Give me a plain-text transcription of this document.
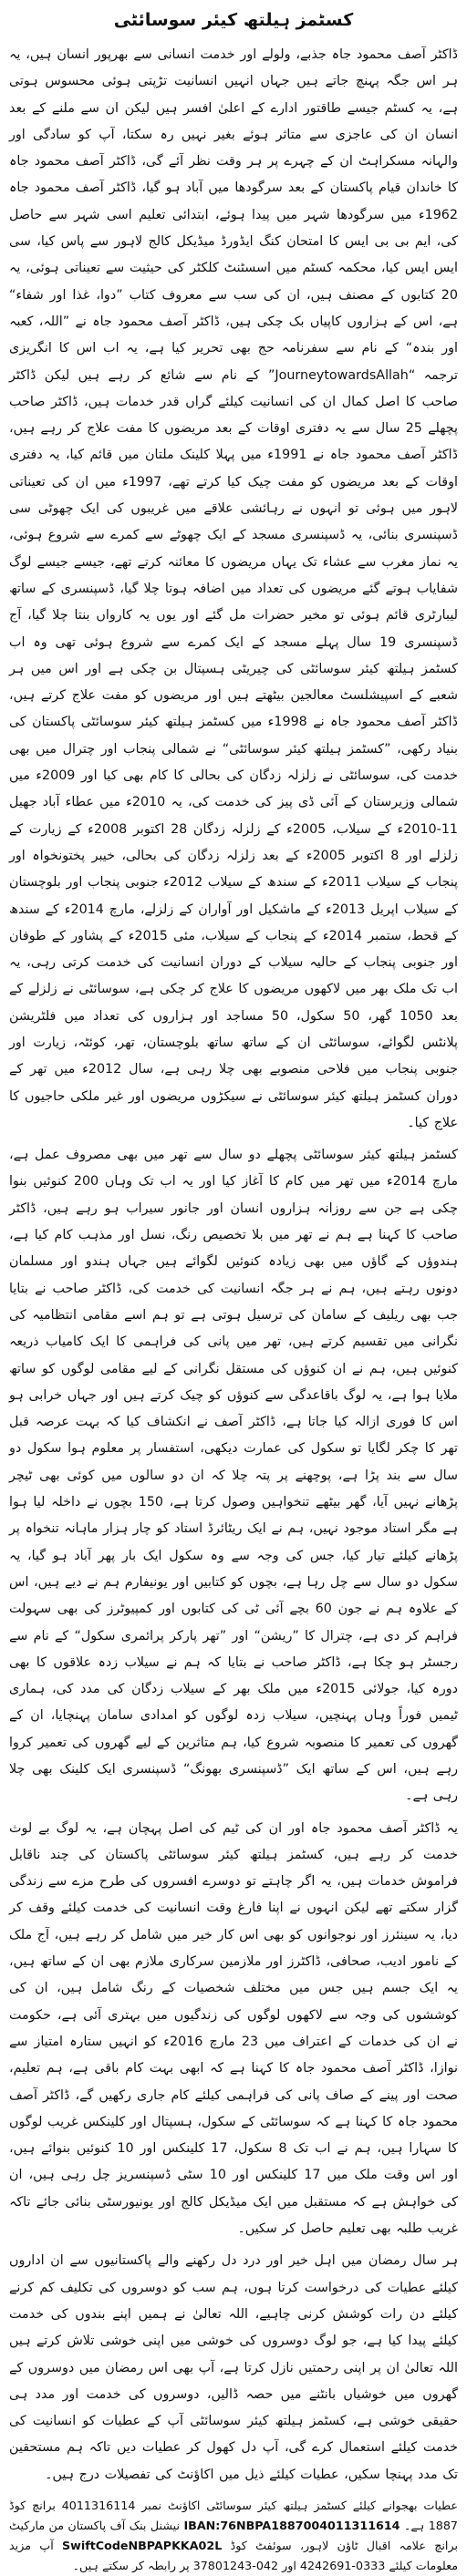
کسٹمز ہیلتھ کیئر سوسائٹی

ڈاکٹر آصف محمود جاہ جذبے، ولولے اور خدمت انسانی سے بھرپور انسان ہیں، یہ ہر اس جگہ پہنچ جاتے ہیں جہاں انہیں انسانیت تڑپتی ہوئی محسوس ہوتی ہے، یہ کسٹم جیسے طاقتور ادارے کے اعلیٰ افسر ہیں لیکن ان سے ملنے کے بعد انسان ان کی عاجزی سے متاثر ہوئے بغیر نہیں رہ سکتا، آپ کو سادگی اور والہانہ مسکراہٹ ان کے چہرے پر ہر وقت نظر آئے گی، ڈاکٹر آصف محمود جاہ کا خاندان قیام پاکستان کے بعد سرگودھا میں آباد ہو گیا، ڈاکٹر آصف محمود جاہ 1962ء میں سرگودھا شہر میں پیدا ہوئے، ابتدائی تعلیم اسی شہر سے حاصل کی، ایم بی بی ایس کا امتحان کنگ ایڈورڈ میڈیکل کالج لاہور سے پاس کیا، سی ایس ایس کیا، محکمہ کسٹم میں اسسٹنٹ کلکٹر کی حیثیت سے تعیناتی ہوئی، یہ 20 کتابوں کے مصنف ہیں، ان کی سب سے معروف کتاب ”دوا، غذا اور شفاء“ ہے، اس کے ہزاروں کاپیاں بک چکی ہیں، ڈاکٹر آصف محمود جاہ نے ”اللہ، کعبہ اور بندہ“ کے نام سے سفرنامہ حج بھی تحریر کیا ہے، یہ اب اس کا انگریزی ترجمہ “JourneytowardsAllah” کے نام سے شائع کر رہے ہیں لیکن ڈاکٹر صاحب کا اصل کمال ان کی انسانیت کیلئے گراں قدر خدمات ہیں، ڈاکٹر صاحب پچھلے 25 سال سے یہ دفتری اوقات کے بعد مریضوں کا مفت علاج کر رہے ہیں، ڈاکٹر آصف محمود جاہ نے 1991ء میں پہلا کلینک ملتان میں قائم کیا، یہ دفتری اوقات کے بعد مریضوں کو مفت چیک کیا کرتے تھے، 1997ء میں ان کی تعیناتی لاہور میں ہوئی تو انہوں نے رہائشی علاقے میں غریبوں کی ایک چھوٹی سی ڈسپنسری بنائی، یہ ڈسپنسری مسجد کے ایک چھوٹے سے کمرے سے شروع ہوئی، یہ نماز مغرب سے عشاء تک یہاں مریضوں کا معائنہ کرتے تھے، جیسے جیسے لوگ شفایاب ہوتے گئے مریضوں کی تعداد میں اضافہ ہوتا چلا گیا، ڈسپنسری کے ساتھ لیبارٹری قائم ہوئی تو مخیر حضرات مل گئے اور یوں یہ کارواں بنتا چلا گیا، آج ڈسپنسری 19 سال پہلے مسجد کے ایک کمرے سے شروع ہوئی تھی وہ اب کسٹمز ہیلتھ کیئر سوسائٹی کی چیریٹی ہسپتال بن چکی ہے اور اس میں ہر شعبے کے اسپیشلسٹ معالجین بیٹھتے ہیں اور مریضوں کو مفت علاج کرتے ہیں، ڈاکٹر آصف محمود جاہ نے 1998ء میں کسٹمز ہیلتھ کیئر سوسائٹی پاکستان کی بنیاد رکھی، ”کسٹمز ہیلتھ کیئر سوسائٹی“ نے شمالی پنجاب اور چترال میں بھی خدمت کی، سوسائٹی نے زلزلہ زدگان کی بحالی کا کام بھی کیا اور 2009ء میں شمالی وزیرستان کے آئی ڈی پیز کی خدمت کی، یہ 2010ء میں عطاء آباد جھیل 11-2010ء کے سیلاب، 2005ء کے زلزلہ زدگان 28 اکتوبر 2008ء کے زیارت کے زلزلے اور 8 اکتوبر 2005ء کے بعد زلزلہ زدگان کی بحالی، خیبر پختونخواہ اور پنجاب کے سیلاب 2011ء کے سندھ کے سیلاب 2012ء جنوبی پنجاب اور بلوچستان کے سیلاب اپریل 2013ء کے ماشکیل اور آواران کے زلزلے، مارچ 2014ء کے سندھ کے قحط، ستمبر 2014ء کے پنجاب کے سیلاب، مئی 2015ء کے پشاور کے طوفان اور جنوبی پنجاب کے حالیہ سیلاب کے دوران انسانیت کی خدمت کرتی رہی، یہ اب تک ملک بھر میں لاکھوں مریضوں کا علاج کر چکی ہے، سوسائٹی نے زلزلے کے بعد 1050 گھر، 50 سکول، 50 مساجد اور ہزاروں کی تعداد میں فلٹریشن پلانٹس لگوائے، سوسائٹی ان کے ساتھ ساتھ بلوچستان، تھر، کوئٹہ، زیارت اور جنوبی پنجاب میں فلاحی منصوبے بھی چلا رہی ہے، سال 2012ء میں تھر کے دوران کسٹمز ہیلتھ کیئر سوسائٹی نے سیکڑوں مریضوں اور غیر ملکی حاجیوں کا علاج کیا۔

کسٹمز ہیلتھ کیئر سوسائٹی پچھلے دو سال سے تھر میں بھی مصروف عمل ہے، مارچ 2014ء میں تھر میں کام کا آغاز کیا اور یہ اب تک وہاں 200 کنوئیں بنوا چکی ہے جن سے روزانہ ہزاروں انسان اور جانور سیراب ہو رہے ہیں، ڈاکٹر صاحب کا کہنا ہے ہم نے تھر میں بلا تخصیص رنگ، نسل اور مذہب کام کیا ہے، ہندوؤں کے گاؤں میں بھی زیادہ کنوئیں لگوائے ہیں جہاں ہندو اور مسلمان دونوں رہتے ہیں، ہم نے ہر جگہ انسانیت کی خدمت کی، ڈاکٹر صاحب نے بتایا جب بھی ریلیف کے سامان کی ترسیل ہوتی ہے تو ہم اسے مقامی انتظامیہ کی نگرانی میں تقسیم کرتے ہیں، تھر میں پانی کی فراہمی کا ایک کامیاب ذریعہ کنوئیں ہیں، ہم نے ان کنوؤں کی مستقل نگرانی کے لیے مقامی لوگوں کو ساتھ ملایا ہوا ہے، یہ لوگ باقاعدگی سے کنوؤں کو چیک کرتے ہیں اور جہاں خرابی ہو اس کا فوری ازالہ کیا جاتا ہے، ڈاکٹر آصف نے انکشاف کیا کہ بہت عرصہ قبل تھر کا چکر لگایا تو سکول کی عمارت دیکھی، استفسار پر معلوم ہوا سکول دو سال سے بند پڑا ہے، پوچھنے پر پتہ چلا کہ ان دو سالوں میں کوئی بھی ٹیچر پڑھانے نہیں آیا، گھر بیٹھے تنخواہیں وصول کرتا ہے، 150 بچوں نے داخلہ لیا ہوا ہے مگر استاد موجود نہیں، ہم نے ایک ریٹائرڈ استاد کو چار ہزار ماہانہ تنخواہ پر پڑھانے کیلئے تیار کیا، جس کی وجہ سے وہ سکول ایک بار پھر آباد ہو گیا، یہ سکول دو سال سے چل رہا ہے، بچوں کو کتابیں اور یونیفارم ہم نے دیے ہیں، اس کے علاوہ ہم نے جون 60 بچے آئی ٹی کی کتابوں اور کمپیوٹرز کی بھی سہولت فراہم کر دی ہے، چترال کا ”ریشن“ اور ”تھر پارکر پرائمری سکول“ کے نام سے رجسٹر ہو چکا ہے، ڈاکٹر صاحب نے بتایا کہ ہم نے سیلاب زدہ علاقوں کا بھی دورہ کیا، جولائی 2015ء میں ملک بھر کے سیلاب زدگان کی مدد کی، ہماری ٹیمیں فوراً وہاں پہنچیں، سیلاب زدہ لوگوں کو امدادی سامان پہنچایا، ان کے گھروں کی تعمیر کا منصوبہ شروع کیا، ہم متاثرین کے لیے گھروں کی تعمیر کروا رہے ہیں، اس کے ساتھ ایک ”ڈسپنسری بھونگ“ ڈسپنسری ایک کلینک بھی چلا رہی ہے۔

یہ ڈاکٹر آصف محمود جاہ اور ان کی ٹیم کی اصل پہچان ہے، یہ لوگ بے لوث خدمت کر رہے ہیں، کسٹمز ہیلتھ کیئر سوسائٹی پاکستان کی چند ناقابل فراموش خدمات ہیں، یہ اگر چاہتے تو دوسرے افسروں کی طرح مزے سے زندگی گزار سکتے تھے لیکن انہوں نے اپنا فارغ وقت انسانیت کی خدمت کیلئے وقف کر دیا، یہ سینئرز اور نوجوانوں کو بھی اس کار خیر میں شامل کر رہے ہیں، آج ملک کے نامور ادیب، صحافی، ڈاکٹرز اور ملازمین سرکاری ملازم بھی ان کے ساتھ ہیں، یہ ایک جسم ہیں جس میں مختلف شخصیات کے رنگ شامل ہیں، ان کی کوششوں کی وجہ سے لاکھوں لوگوں کی زندگیوں میں بہتری آئی ہے، حکومت نے ان کی خدمات کے اعتراف میں 23 مارچ 2016ء کو انہیں ستارہ امتیاز سے نوازا، ڈاکٹر آصف محمود جاہ کا کہنا ہے کہ ابھی بہت کام باقی ہے، ہم تعلیم، صحت اور پینے کے صاف پانی کی فراہمی کیلئے کام جاری رکھیں گے، ڈاکٹر آصف محمود جاہ کا کہنا ہے کہ سوسائٹی کے سکول، ہسپتال اور کلینکس غریب لوگوں کا سہارا ہیں، ہم نے اب تک 8 سکول، 17 کلینکس اور 10 کنوئیں بنوائے ہیں، اور اس وقت ملک میں 17 کلینکس اور 10 سٹی ڈسپنسریز چل رہی ہیں، ان کی خواہش ہے کہ مستقبل میں ایک میڈیکل کالج اور یونیورسٹی بنائی جائے تاکہ غریب طلبہ بھی تعلیم حاصل کر سکیں۔

ہر سال رمضان میں اہل خیر اور درد دل رکھنے والے پاکستانیوں سے ان اداروں کیلئے عطیات کی درخواست کرتا ہوں، ہم سب کو دوسروں کی تکلیف کم کرنے کیلئے دن رات کوشش کرنی چاہیے، اللہ تعالیٰ نے ہمیں اپنے بندوں کی خدمت کیلئے پیدا کیا ہے، جو لوگ دوسروں کی خوشی میں اپنی خوشی تلاش کرتے ہیں اللہ تعالیٰ ان پر اپنی رحمتیں نازل کرتا ہے، آپ بھی اس رمضان میں دوسروں کے گھروں میں خوشیاں بانٹنے میں حصہ ڈالیں، دوسروں کی خدمت اور مدد ہی حقیقی خوشی ہے، کسٹمز ہیلتھ کیئر سوسائٹی آپ کے عطیات کو انسانیت کی خدمت کیلئے استعمال کرے گی، آپ دل کھول کر عطیات دیں تاکہ ہم مستحقین تک مدد پہنچا سکیں، عطیات کیلئے ذیل میں اکاؤنٹ کی تفصیلات درج ہیں۔

عطیات بھجوانے کیلئے کسٹمز ہیلتھ کیئر سوسائٹی اکاؤنٹ نمبر 4011316114 برانچ کوڈ 1887 ہے۔ IBAN:76NBPA1887004011311614 نیشنل بنک آف پاکستان من مارکیٹ برانچ علامہ اقبال ٹاؤن لاہور، سوئفٹ کوڈ SwiftCodeNBPAPKKA02L آپ مزید معلومات کیلئے 0333-4242691 اور 042-37801243 پر رابطہ کر سکتے ہیں۔
